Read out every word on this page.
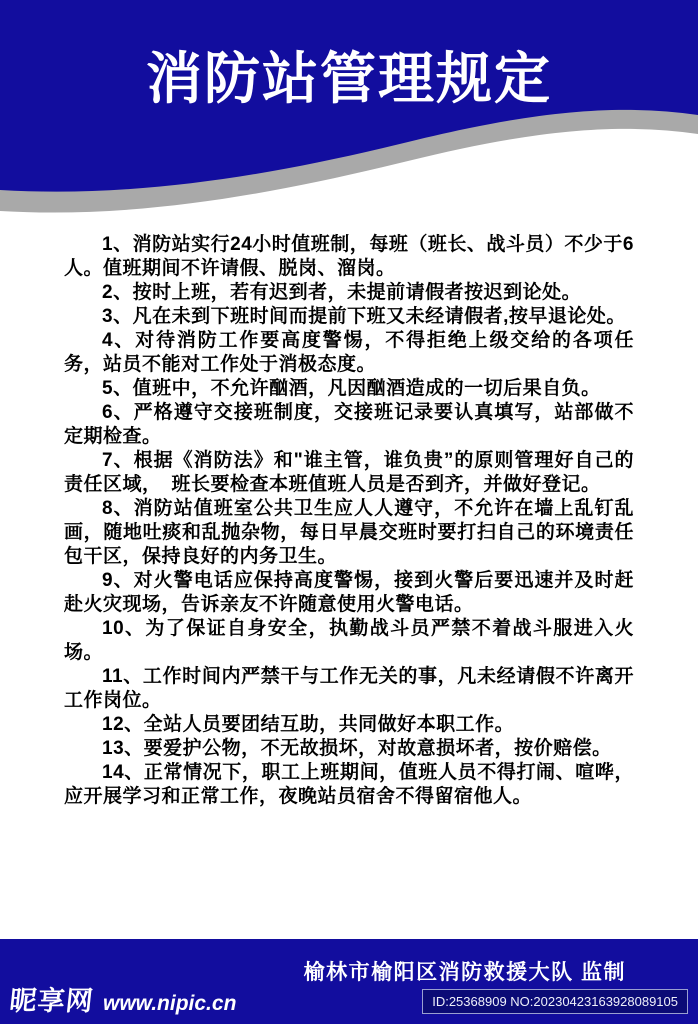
消防站管理规定

1、消防站实行24小时值班制，每班（班长、战斗员）不少于6人。值班期间不许请假、脱岗、溜岗。

2、按时上班，若有迟到者，未提前请假者按迟到论处。

3、凡在未到下班时间而提前下班又未经请假者,按早退论处。

4、对待消防工作要高度警惕，不得拒绝上级交给的各项任务，站员不能对工作处于消极态度。

5、值班中，不允许酗酒，凡因酗酒造成的一切后果自负。

6、严格遵守交接班制度，交接班记录要认真填写，站部做不定期检查。

7、根据《消防法》和"谁主管，谁负贵”的原则管理好自己的责任区域，　班长要检查本班值班人员是否到齐，并做好登记。

8、消防站值班室公共卫生应人人遵守，不允许在墙上乱钉乱画，随地吐痰和乱抛杂物，每日早晨交班时要打扫自己的环境责任包干区，保持良好的内务卫生。

9、对火警电话应保持高度警惕，接到火警后要迅速并及时赶赴火灾现场，告诉亲友不许随意使用火警电话。

10、为了保证自身安全，执勤战斗员严禁不着战斗服进入火场。

11、工作时间内严禁干与工作无关的事，凡未经请假不许离开工作岗位。

12、全站人员要团结互助，共同做好本职工作。

13、要爱护公物，不无故损坏，对故意损坏者，按价赔偿。

14、正常情况下，职工上班期间，值班人员不得打闹、喧哗，应开展学习和正常工作，夜晚站员宿舍不得留宿他人。

榆林市榆阳区消防救援大队 监制
ID:25368909 NO:20230423163928089105
昵享网 www.nipic.cn
